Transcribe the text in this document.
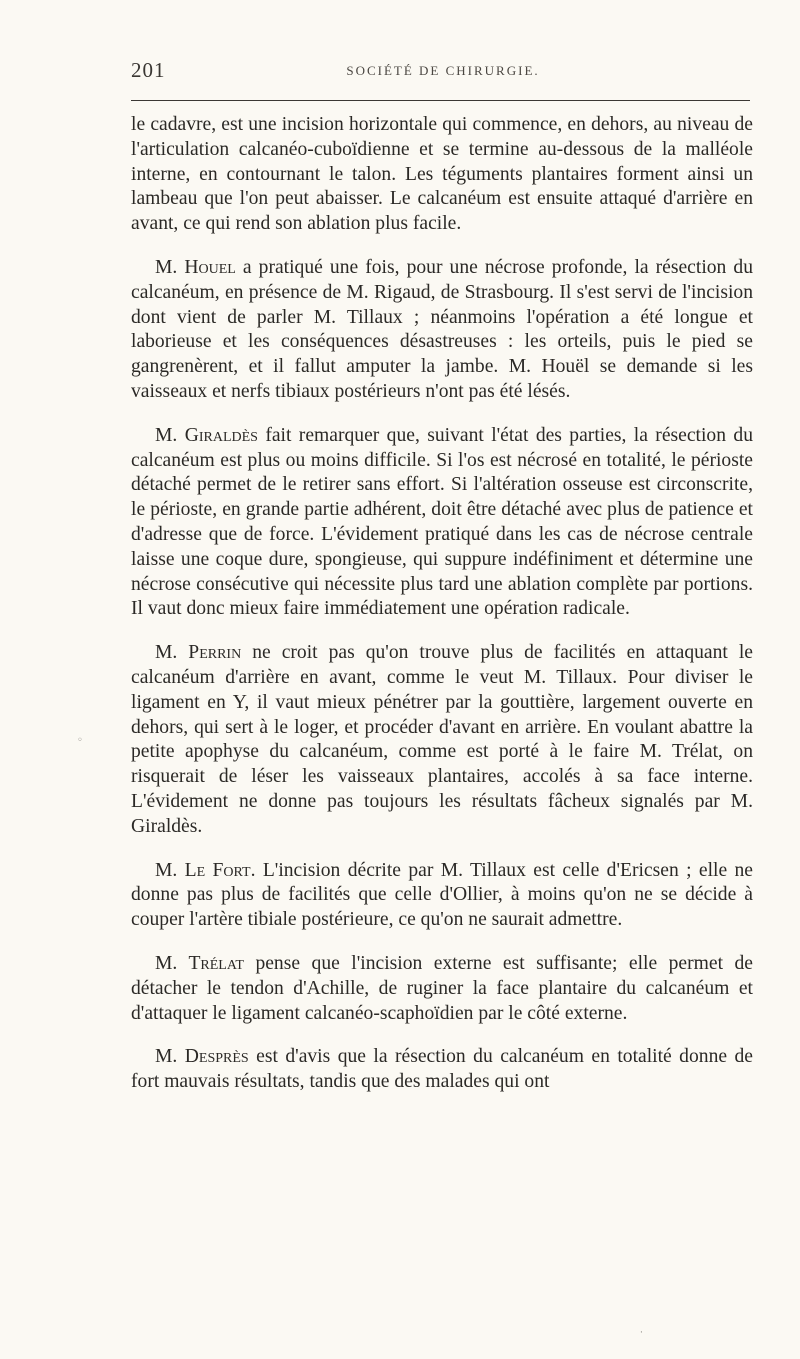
201	SOCIÉTÉ DE CHIRURGIE.

le cadavre, est une incision horizontale qui commence, en dehors, au niveau de l'articulation calcanéo-cuboïdienne et se termine au-dessous de la malléole interne, en contournant le talon. Les téguments plantaires forment ainsi un lambeau que l'on peut abaisser. Le calcanéum est ensuite attaqué d'arrière en avant, ce qui rend son ablation plus facile.

M. Houel a pratiqué une fois, pour une nécrose profonde, la résection du calcanéum, en présence de M. Rigaud, de Strasbourg. Il s'est servi de l'incision dont vient de parler M. Tillaux ; néanmoins l'opération a été longue et laborieuse et les conséquences désastreuses : les orteils, puis le pied se gangrenèrent, et il fallut amputer la jambe. M. Houël se demande si les vaisseaux et nerfs tibiaux postérieurs n'ont pas été lésés.

M. Giraldès fait remarquer que, suivant l'état des parties, la résection du calcanéum est plus ou moins difficile. Si l'os est nécrosé en totalité, le périoste détaché permet de le retirer sans effort. Si l'altération osseuse est circonscrite, le périoste, en grande partie adhérent, doit être détaché avec plus de patience et d'adresse que de force. L'évidement pratiqué dans les cas de nécrose centrale laisse une coque dure, spongieuse, qui suppure indéfiniment et détermine une nécrose consécutive qui nécessite plus tard une ablation complète par portions. Il vaut donc mieux faire immédiatement une opération radicale.

M. Perrin ne croit pas qu'on trouve plus de facilités en attaquant le calcanéum d'arrière en avant, comme le veut M. Tillaux. Pour diviser le ligament en Y, il vaut mieux pénétrer par la gouttière, largement ouverte en dehors, qui sert à le loger, et procéder d'avant en arrière. En voulant abattre la petite apophyse du calcanéum, comme est porté à le faire M. Trélat, on risquerait de léser les vaisseaux plantaires, accolés à sa face interne. L'évidement ne donne pas toujours les résultats fâcheux signalés par M. Giraldès.

M. Le Fort. L'incision décrite par M. Tillaux est celle d'Ericsen ; elle ne donne pas plus de facilités que celle d'Ollier, à moins qu'on ne se décide à couper l'artère tibiale postérieure, ce qu'on ne saurait admettre.

M. Trélat pense que l'incision externe est suffisante; elle permet de détacher le tendon d'Achille, de ruginer la face plantaire du calcanéum et d'attaquer le ligament calcanéo-scaphoïdien par le côté externe.

M. Desprès est d'avis que la résection du calcanéum en totalité donne de fort mauvais résultats, tandis que des malades qui ont

◦
·
